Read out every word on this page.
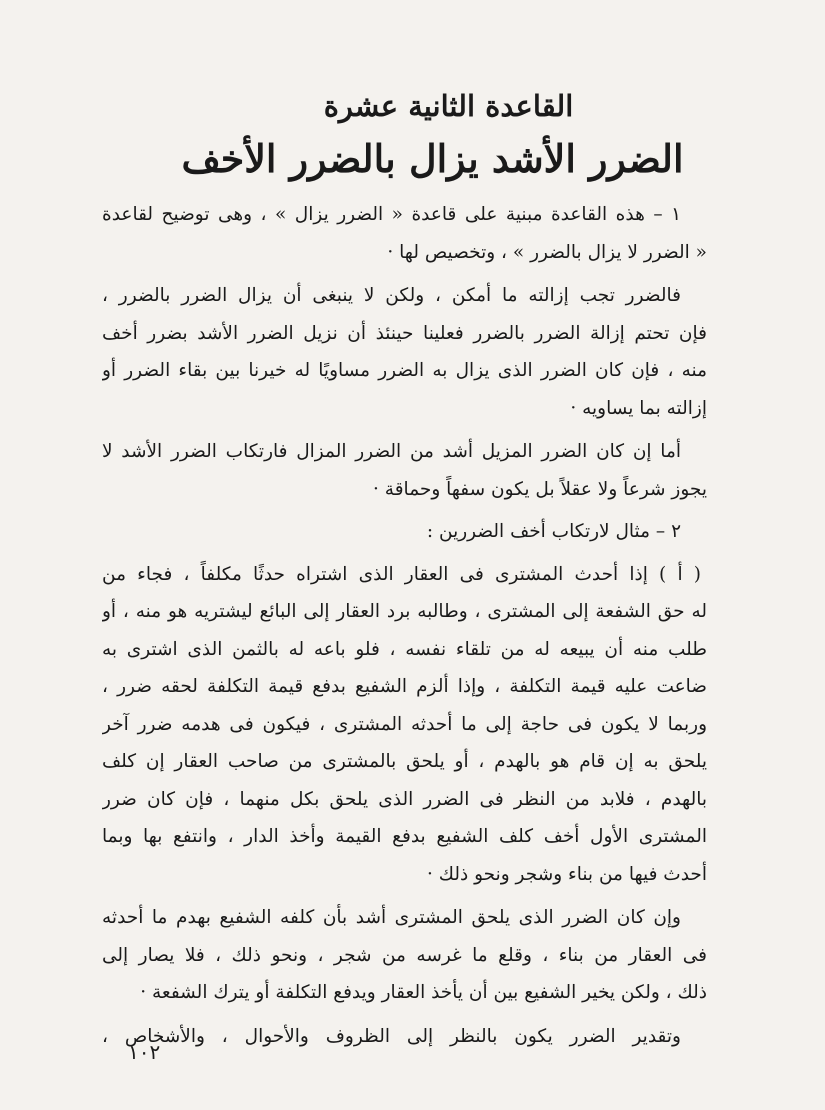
القاعدة الثانية عشرة
الضرر الأشد يزال بالضرر الأخف

١ – هذه القاعدة مبنية على قاعدة « الضرر يزال » ، وهى توضيح لقاعدة
« الضرر لا يزال بالضرر » ، وتخصيص لها ·

فالضرر تجب إزالته ما أمكن ، ولكن لا ينبغى أن يزال الضرر بالضرر ،
فإن تحتم إزالة الضرر بالضرر فعلينا حينئذ أن نزيل الضرر الأشد بضرر أخف
منه ، فإن كان الضرر الذى يزال به الضرر مساويًا له خيرنا بين بقاء الضرر أو
إزالته بما يساويه ·

أما إن كان الضرر المزيل أشد من الضرر المزال فارتكاب الضرر الأشد لا
يجوز شرعاً ولا عقلاً بل يكون سفهاً وحماقة ·

٢ – مثال لارتكاب أخف الضررين :

( أ ) إذا أحدث المشترى فى العقار الذى اشتراه حدثًا مكلفاً ، فجاء من
له حق الشفعة إلى المشترى ، وطالبه برد العقار إلى البائع ليشتريه هو منه ، أو
طلب منه أن يبيعه له من تلقاء نفسه ، فلو باعه له بالثمن الذى اشترى به
ضاعت عليه قيمة التكلفة ، وإذا ألزم الشفيع بدفع قيمة التكلفة لحقه ضرر ،
وربما لا يكون فى حاجة إلى ما أحدثه المشترى ، فيكون فى هدمه ضرر آخر
يلحق به إن قام هو بالهدم ، أو يلحق بالمشترى من صاحب العقار إن كلف
بالهدم ، فلابد من النظر فى الضرر الذى يلحق بكل منهما ، فإن كان ضرر
المشترى الأول أخف كلف الشفيع بدفع القيمة وأخذ الدار ، وانتفع بها وبما
أحدث فيها من بناء وشجر ونحو ذلك ·

وإن كان الضرر الذى يلحق المشترى أشد بأن كلفه الشفيع بهدم ما أحدثه
فى العقار من بناء ، وقلع ما غرسه من شجر ، ونحو ذلك ، فلا يصار إلى
ذلك ، ولكن يخير الشفيع بين أن يأخذ العقار ويدفع التكلفة أو يترك الشفعة ·

وتقدير الضرر يكون بالنظر إلى الظروف والأحوال ، والأشخاص ،

١٠٢
